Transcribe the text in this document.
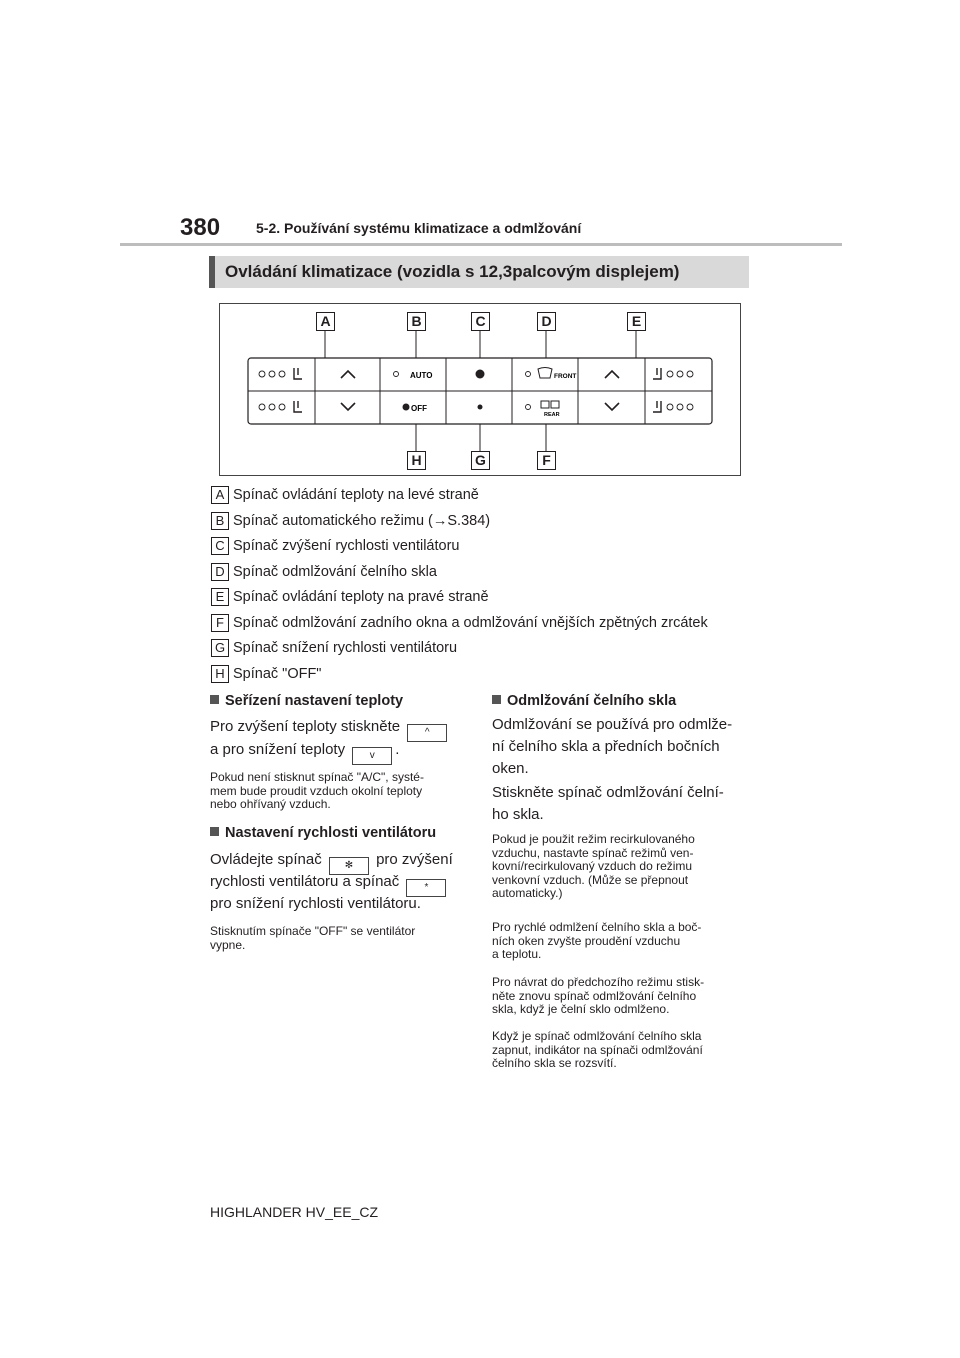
380	5-2. Používání systému klimatizace a odmlžování
Ovládání klimatizace (vozidla s 12,3palcovým displejem)
AUTO
OFF
FRONT
REAR
A	B	C	D	E
H	G	F
A Spínač ovládání teploty na levé straně
B Spínač automatického režimu (→S.384)
C Spínač zvýšení rychlosti ventilátoru
D Spínač odmlžování čelního skla
E Spínač ovládání teploty na pravé straně
F Spínač odmlžování zadního okna a odmlžování vnějších zpětných zrcátek
G Spínač snížení rychlosti ventilátoru
H Spínač "OFF"
Seřízení nastavení teploty
Pro zvýšení teploty stiskněte ^
a pro snížení teploty v .
Pokud není stisknut spínač "A/C", systé-
mem bude proudit vzduch okolní teploty
nebo ohřívaný vzduch.
Nastavení rychlosti ventilátoru
Ovládejte spínač ✻ pro zvýšení
rychlosti ventilátoru a spínač	*
pro snížení rychlosti ventilátoru.
Stisknutím spínače "OFF" se ventilátor
vypne.
Odmlžování čelního skla
Odmlžování se používá pro odmlže-
ní čelního skla a předních bočních
oken.
Stiskněte spínač odmlžování čelní-
ho skla.
Pokud je použit režim recirkulovaného
vzduchu, nastavte spínač režimů ven-
kovní/recirkulovaný vzduch do režimu
venkovní vzduch. (Může se přepnout
automaticky.)
Pro rychlé odmlžení čelního skla a boč-
ních oken zvyšte proudění vzduchu
a teplotu.
Pro návrat do předchozího režimu stisk-
něte znovu spínač odmlžování čelního
skla, když je čelní sklo odmlženo.
Když je spínač odmlžování čelního skla
zapnut, indikátor na spínači odmlžování
čelního skla se rozsvítí.
HIGHLANDER HV_EE_CZ
